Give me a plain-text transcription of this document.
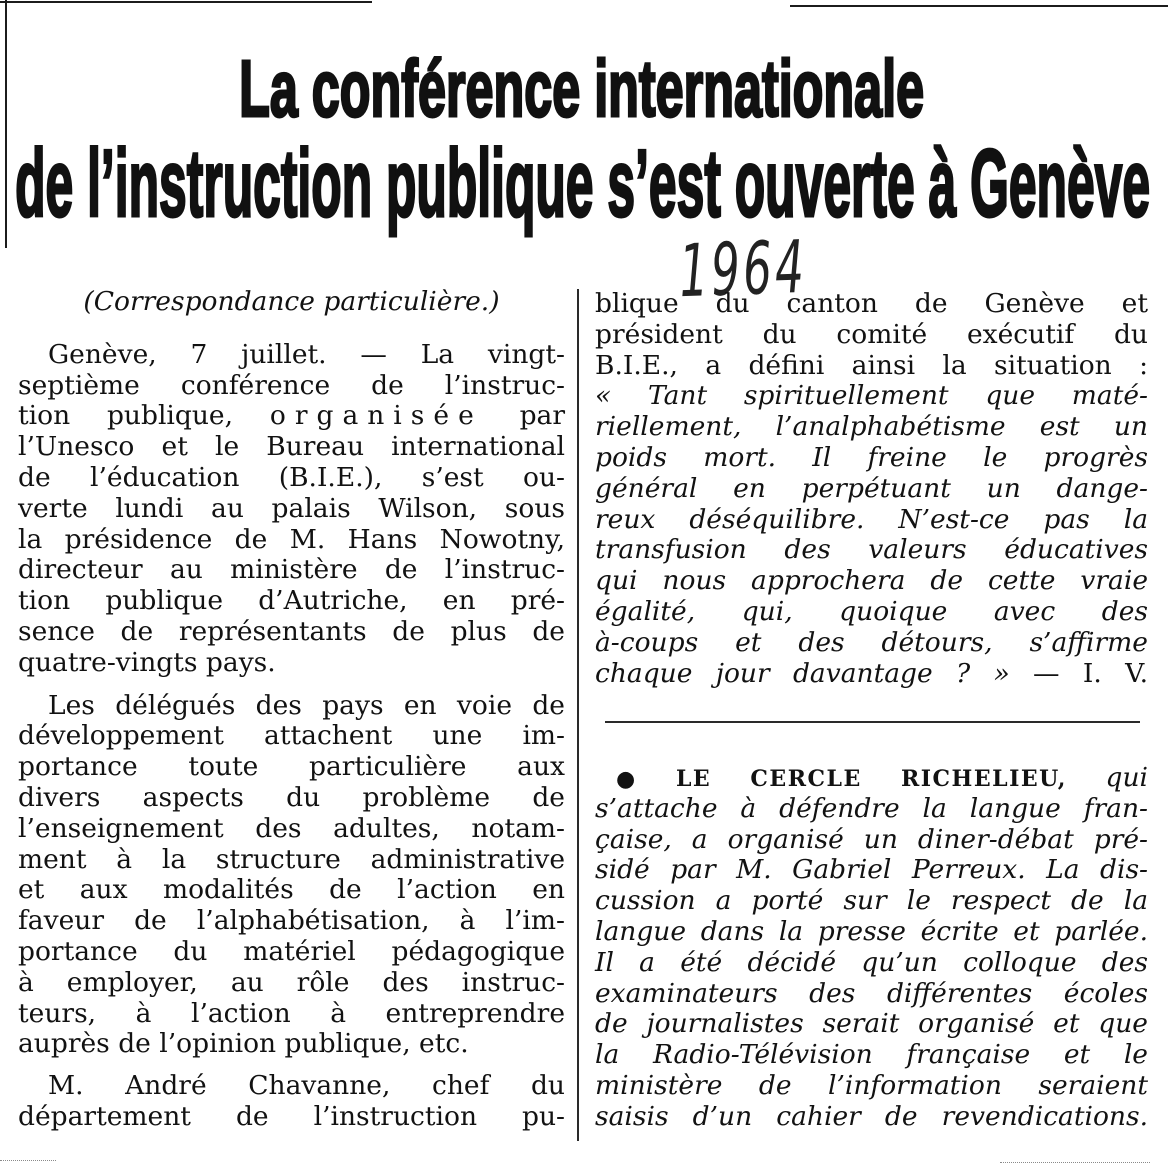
La conférence internationale
de l’instruction publique s’est ouverte à Genève
1964
(Correspondance particulière.)
Genève, 7 juillet. — La vingt-
septième conférence de l’instruc-
tion publique, organisée par
l’Unesco et le Bureau international
de l’éducation (B.I.E.), s’est ou-
verte lundi au palais Wilson, sous
la présidence de M. Hans Nowotny,
directeur au ministère de l’instruc-
tion publique d’Autriche, en pré-
sence de représentants de plus de
quatre-vingts pays.
Les délégués des pays en voie de
développement attachent une im-
portance toute particulière aux
divers aspects du problème de
l’enseignement des adultes, notam-
ment à la structure administrative
et aux modalités de l’action en
faveur de l’alphabétisation, à l’im-
portance du matériel pédagogique
à employer, au rôle des instruc-
teurs, à l’action à entreprendre
auprès de l’opinion publique, etc.
M. André Chavanne, chef du
département de l’instruction pu-
blique du canton de Genève et
président du comité exécutif du
B.I.E., a défini ainsi la situation :
« Tant spirituellement que maté-
riellement, l’analphabétisme est un
poids mort. Il freine le progrès
général en perpétuant un dange-
reux déséquilibre. N’est-ce pas la
transfusion des valeurs éducatives
qui nous approchera de cette vraie
égalité, qui, quoique avec des
à-coups et des détours, s’affirme
chaque jour davantage ? » — I. V.
● LE CERCLE RICHELIEU, qui
s’attache à défendre la langue fran-
çaise, a organisé un diner-débat pré-
sidé par M. Gabriel Perreux. La dis-
cussion a porté sur le respect de la
langue dans la presse écrite et parlée.
Il a été décidé qu’un colloque des
examinateurs des différentes écoles
de journalistes serait organisé et que
la Radio-Télévision française et le
ministère de l’information seraient
saisis d’un cahier de revendications.
